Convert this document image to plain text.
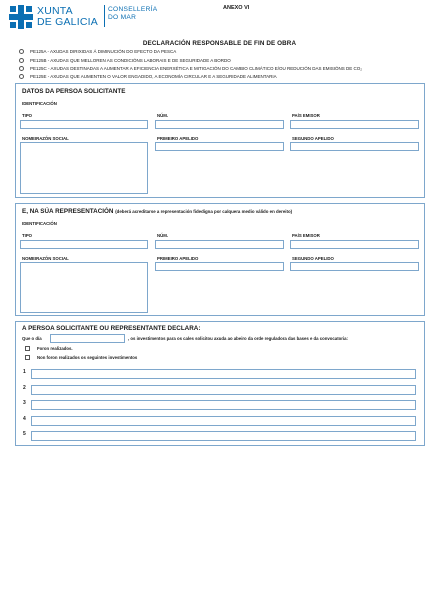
XUNTA
DE GALICIA
CONSELLERÍA
DO MAR
ANEXO VI
DECLARACIÓN RESPONSABLE DE FIN DE OBRA
PE125A - AXUDAS DIRIXIDAS Á DIMINUCIÓN DO EFECTO DA PESCA
PE125B - AXUDAS QUE MELLOREN AS CONDICIÓNS LABORAIS E DE SEGURIDADE A BORDO
PE125C - AXUDAS DESTINADAS A AUMENTAR A EFICIENCIA ENERXÉTICA E MITIGACIÓN DO CAMBIO CLIMÁTICO E/OU REDUCIÓN DAS EMISIÓNS DE CO₂
PE125E - AXUDAS QUE AUMENTEN O VALOR ENGADIDO, A ECONOMÍA CIRCULAR E A SEGURIDADE ALIMENTARIA
DATOS DA PERSOA SOLICITANTE
IDENTIFICACIÓN
TIPO	NÚM.	PAÍS EMISOR
NOMEIRAZÓN SOCIAL	PRIMEIRO APELIDO	SEGUNDO APELIDO
E, NA SÚA REPRESENTACIÓN (deberá acreditarse a representación fidedigna por calquera medio válido en dereito)
IDENTIFICACIÓN
TIPO	NÚM.	PAÍS EMISOR
NOMEIRAZÓN SOCIAL	PRIMEIRO APELIDO	SEGUNDO APELIDO
A PERSOA SOLICITANTE OU REPRESENTANTE DECLARA:
Que o día	, os investimentos para os cales solicitou axuda ao abeiro da orde reguladora das bases e da convocatoria:
Foron realizados.
Non foron realizados os seguintes investimentos
1
2
3
4
5
